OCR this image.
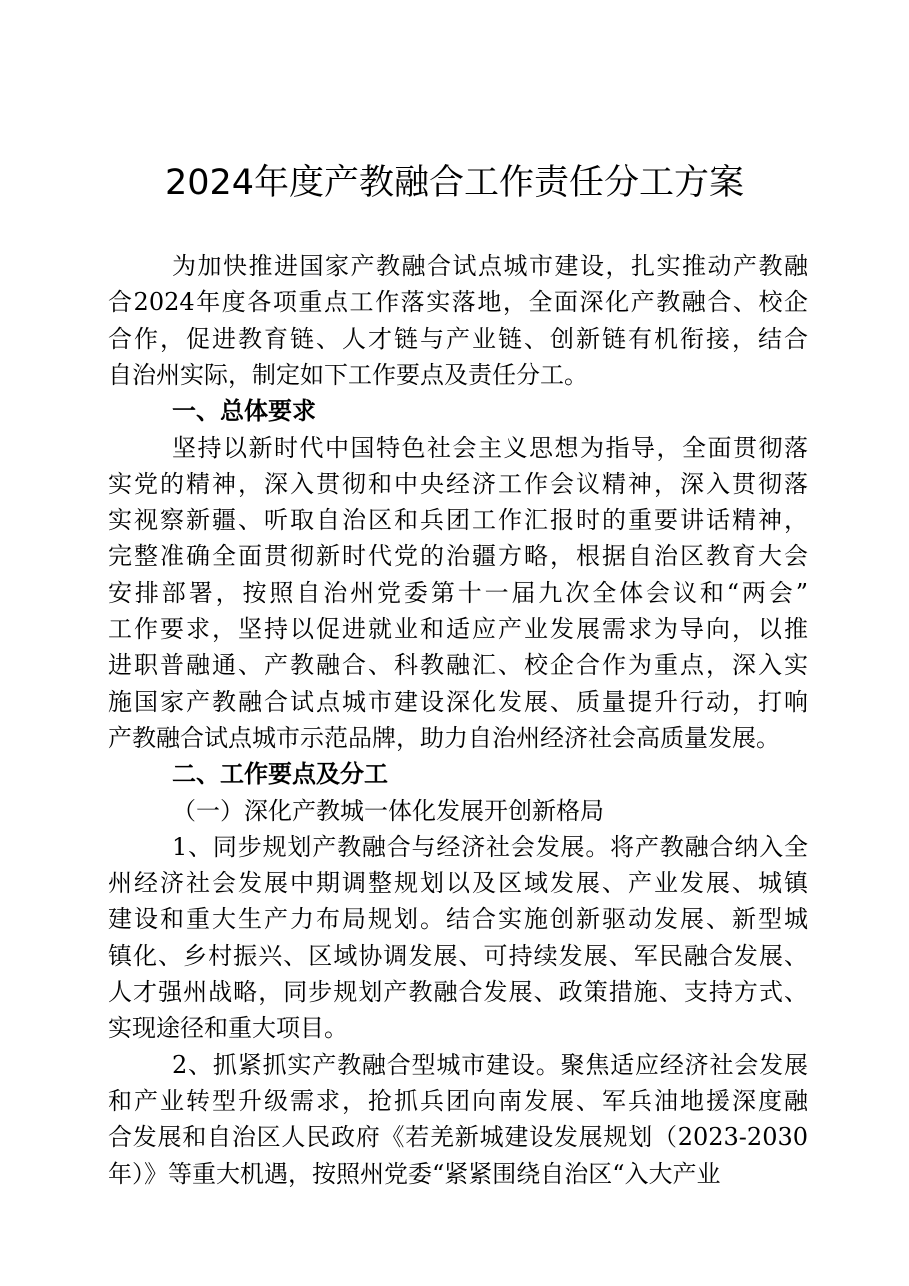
2024年度产教融合工作责任分工方案
为加快推进国家产教融合试点城市建设，扎实推动产教融
合2024年度各项重点工作落实落地，全面深化产教融合、校企
合作，促进教育链、人才链与产业链、创新链有机衔接，结合
自治州实际，制定如下工作要点及责任分工。
一、总体要求
坚持以新时代中国特色社会主义思想为指导，全面贯彻落
实党的精神，深入贯彻和中央经济工作会议精神，深入贯彻落
实视察新疆、听取自治区和兵团工作汇报时的重要讲话精神，
完整准确全面贯彻新时代党的治疆方略，根据自治区教育大会
安排部署，按照自治州党委第十一届九次全体会议和“两会”
工作要求，坚持以促进就业和适应产业发展需求为导向，以推
进职普融通、产教融合、科教融汇、校企合作为重点，深入实
施国家产教融合试点城市建设深化发展、质量提升行动，打响
产教融合试点城市示范品牌，助力自治州经济社会高质量发展。
二、工作要点及分工
（一）深化产教城一体化发展开创新格局
1、同步规划产教融合与经济社会发展。将产教融合纳入全
州经济社会发展中期调整规划以及区域发展、产业发展、城镇
建设和重大生产力布局规划。结合实施创新驱动发展、新型城
镇化、乡村振兴、区域协调发展、可持续发展、军民融合发展、
人才强州战略，同步规划产教融合发展、政策措施、支持方式、
实现途径和重大项目。
2、抓紧抓实产教融合型城市建设。聚焦适应经济社会发展
和产业转型升级需求，抢抓兵团向南发展、军兵油地援深度融
合发展和自治区人民政府《若羌新城建设发展规划（2023-2030
年）》等重大机遇，按照州党委“紧紧围绕自治区“入大产业
